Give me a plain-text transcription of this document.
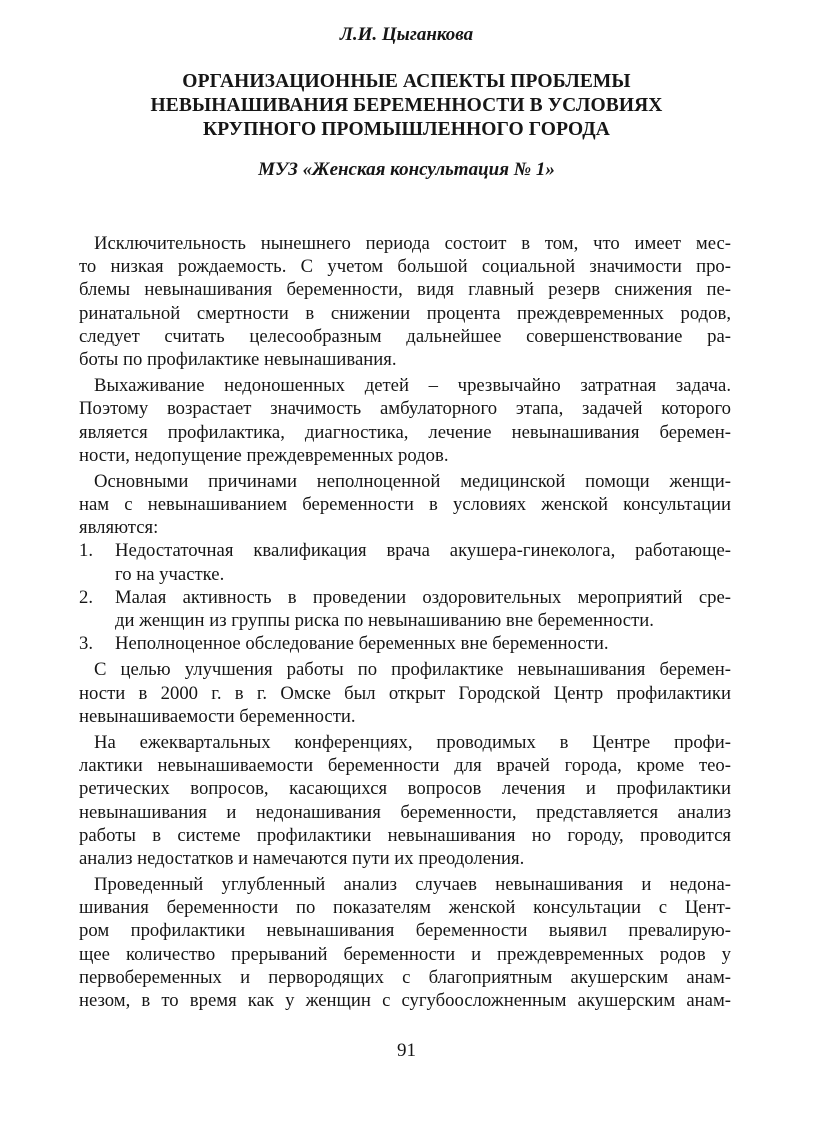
Л.И. Цыганкова
ОРГАНИЗАЦИОННЫЕ АСПЕКТЫ ПРОБЛЕМЫ
НЕВЫНАШИВАНИЯ БЕРЕМЕННОСТИ В УСЛОВИЯХ
КРУПНОГО ПРОМЫШЛЕННОГО ГОРОДА
МУЗ «Женская консультация № 1»
Исключительность нынешнего периода состоит в том, что имеет мес-
то низкая рождаемость. С учетом большой социальной значимости про-
блемы невынашивания беременности, видя главный резерв снижения пе-
ринатальной смертности в снижении процента преждевременных родов,
следует считать целесообразным дальнейшее совершенствование ра-
боты по профилактике невынашивания.
Выхаживание недоношенных детей – чрезвычайно затратная задача.
Поэтому возрастает значимость амбулаторного этапа, задачей которого
является профилактика, диагностика, лечение невынашивания беремен-
ности, недопущение преждевременных родов.
Основными причинами неполноценной медицинской помощи женщи-
нам с невынашиванием беременности в условиях женской консультации
являются:
1.	Недостаточная квалификация врача акушера-гинеколога, работающе-
го на участке.
2.	Малая активность в проведении оздоровительных мероприятий сре-
ди женщин из группы риска по невынашиванию вне беременности.
3.	Неполноценное обследование беременных вне беременности.
С целью улучшения работы по профилактике невынашивания беремен-
ности в 2000 г. в г. Омске был открыт Городской Центр профилактики
невынашиваемости беременности.
На ежеквартальных конференциях, проводимых в Центре профи-
лактики невынашиваемости беременности для врачей города, кроме тео-
ретических вопросов, касающихся вопросов лечения и профилактики
невынашивания и недонашивания беременности, представляется анализ
работы в системе профилактики невынашивания но городу, проводится
анализ недостатков и намечаются пути их преодоления.
Проведенный углубленный анализ случаев невынашивания и недона-
шивания беременности по показателям женской консультации с Цент-
ром профилактики невынашивания беременности выявил превалирую-
щее количество прерываний беременности и преждевременных родов у
первобеременных и первородящих с благоприятным акушерским анам-
незом, в то время как у женщин с сугубоосложненным акушерским анам-
91
